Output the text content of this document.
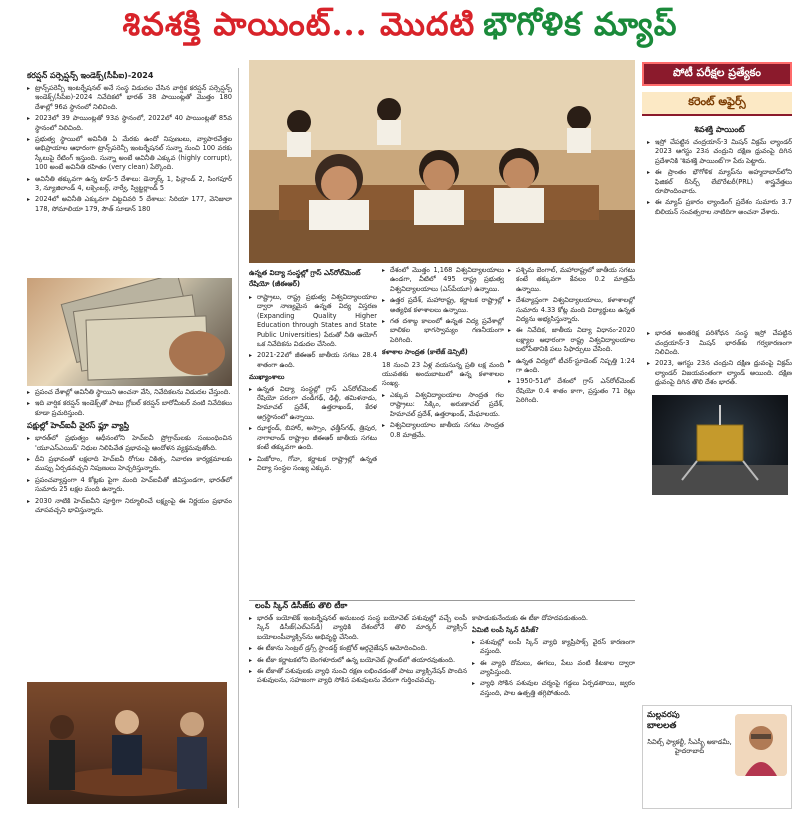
శివశక్తి పాయింట్... మొదటి భౌగోళిక మ్యాప్
కరప్షన్ పర్సెప్షన్స్ ఇండెక్స్(సీపీఐ)-2024
▸ ట్రాన్స్‌పరెన్సీ ఇంటర్నేషనల్ అనే సంస్థ విడుదల చేసిన వార్షిక కరప్షన్ పర్సెప్షన్స్ ఇండెక్స్(సీపీఐ)-2024 నివేదికలో భారత్ 38 పాయింట్లతో మొత్తం 180 దేశాల్లో 96వ స్థానంలో నిలిచింది.
▸ 2023లో 39 పాయింట్లతో 93వ స్థానంలో, 2022లో 40 పాయింట్లతో 85వ స్థానంలో నిలిచింది.
▸ ప్రభుత్వ స్థాయిలో అవినీతి ఏ మేరకు ఉందో నిపుణులు, వ్యాపారవేత్తల అభిప్రాయాల ఆధారంగా ట్రాన్స్‌పరెన్సీ ఇంటర్నేషనల్ సున్నా నుంచి 100 వరకు స్కేలుపై రేటింగ్ ఇస్తుంది. సున్నా అంటే అవినీతి ఎక్కువ (highly corrupt), 100 అంటే అవినీతి రహితం (very clean) పేర్కొంది.
▸ అవినీతి తక్కువగా ఉన్న టాప్-5 దేశాలు: డెన్మార్క్ 1, ఫిన్లాండ్ 2, సింగపూర్ 3, న్యూజిలాండ్ 4, లక్సెంబర్గ్, నార్వే, స్విట్జర్లాండ్ 5
▸ 2024లో అవినీతి ఎక్కువగా చిట్టచివరి 5 దేశాలు: సిరియా 177, వెనిజులా 178, సోమాలియా 179, సౌత్ సూడాన్ 180

▸
▸ ప్రపంచ దేశాల్లో అవినీతి స్థాయిని అంచనా వేసి, నివేదికలను విడుదల చేస్తుంది.
▸ ఇది వార్షిక కరప్షన్ ఇండెక్స్‌తో పాటు గ్లోబల్ కరప్షన్ బారోమీటర్ వంటి నివేదికలు కూడా ప్రచురిస్తుంది.
పక్షుల్లో హెచ్ఐవీ వైరస్ ఫ్లూ వ్యాప్తి
▸ భారత్‌లో ప్రభుత్వం ఆధీనంలోని హెచ్ఐవీ ప్రోగ్రామ్‌లకు సంబంధించిన 'యూఎస్‌ఎయిడ్' నిధుల నిలిపివేత ప్రభావంపై ఆందోళన వ్యక్తమవుతోంది.
▸ దీని ప్రభావంతో లక్షలాది హెచ్ఐవీ రోగుల చికిత్స, నివారణ కార్యక్రమాలకు ముప్పు ఏర్పడవచ్చని నిపుణులు హెచ్చరిస్తున్నారు.
▸ ప్రపంచవ్యాప్తంగా 4 కోట్లకు పైగా మంది హెచ్ఐవీతో జీవిస్తుండగా, భారత్‌లో సుమారు 25 లక్షల మంది ఉన్నారు.
▸ 2030 నాటికి హెచ్ఐవీని పూర్తిగా నిర్మూలించే లక్ష్యంపై ఈ నిర్ణయం ప్రభావం చూపవచ్చని భావిస్తున్నారు.
ఉన్నత విద్యా సంస్థల్లో గ్రాస్ ఎన్‌రోల్‌మెంట్ రేషియో (జీఈఆర్)
▸ రాష్ట్రాలు, రాష్ట్ర ప్రభుత్వ విశ్వవిద్యాలయాల ద్వారా నాణ్యమైన ఉన్నత విద్య విస్తరణ (Expanding Quality Higher Education through States and State Public Universities) పేరుతో నీతి ఆయోగ్ ఒక నివేదికను విడుదల చేసింది.
▸ 2021-22లో జీఈఆర్ జాతీయ సగటు 28.4 శాతంగా ఉంది.

ముఖ్యాంశాలు

▸ ఉన్నత విద్యా సంస్థల్లో గ్రాస్ ఎన్‌రోల్‌మెంట్ రేషియో పరంగా చండీగఢ్, ఢిల్లీ, తమిళనాడు, హిమాచల్ ప్రదేశ్, ఉత్తరాఖండ్, కేరళ అగ్రస్థానంలో ఉన్నాయి.
▸ ఝార్ఖండ్, బిహార్, అస్సాం, ఛత్తీస్‌గఢ్, త్రిపుర, నాగాలాండ్ రాష్ట్రాల జీఈఆర్ జాతీయ సగటు కంటే తక్కువగా ఉంది.
▸ మిజోరాం, గోవా, కర్ణాటక రాష్ట్రాల్లో ఉన్నత విద్యా సంస్థల సంఖ్య ఎక్కువ.
▸ దేశంలో మొత్తం 1,168 విశ్వవిద్యాలయాలు ఉండగా, వీటిలో 495 రాష్ట్ర ప్రభుత్వ విశ్వవిద్యాలయాలు (ఎస్‌పీయూ) ఉన్నాయి.
▸ ఉత్తర ప్రదేశ్, మహారాష్ట్ర, కర్ణాటక రాష్ట్రాల్లో అత్యధిక కళాశాలలు ఉన్నాయి.
▸ గత దశాబ్ద కాలంలో ఉన్నత విద్య ప్రవేశాల్లో బాలికల భాగస్వామ్యం గణనీయంగా పెరిగింది.

కళాశాల సాంద్రత (కాలేజ్ డెన్సిటీ)

18 నుంచి 23 ఏళ్ల వయసున్న ప్రతి లక్ష మంది యువతకు అందుబాటులో ఉన్న కళాశాలల సంఖ్య.

▸ ఎక్కువ విశ్వవిద్యాలయాల సాంద్రత గల రాష్ట్రాలు: సిక్కిం, అరుణాచల్ ప్రదేశ్, హిమాచల్ ప్రదేశ్, ఉత్తరాఖండ్, మేఘాలయ.
▸ విశ్వవిద్యాలయాల జాతీయ సగటు సాంద్రత 0.8 మాత్రమే.
▸ పశ్చిమ బెంగాల్, మహారాష్ట్రలో జాతీయ సగటు కంటే తక్కువగా కేవలం 0.2 మాత్రమే ఉన్నాయి.
▸ దేశవ్యాప్తంగా విశ్వవిద్యాలయాలు, కళాశాలల్లో సుమారు 4.33 కోట్ల మంది విద్యార్థులు ఉన్నత విద్యను అభ్యసిస్తున్నారు.
▸ ఈ నివేదిక, జాతీయ విద్యా విధానం-2020 లక్ష్యాల ఆధారంగా రాష్ట్ర విశ్వవిద్యాలయాల బలోపేతానికి పలు సిఫార్సులు చేసింది.
▸ ఉన్నత విద్యలో టీచర్-స్టూడెంట్ నిష్పత్తి 1:24 గా ఉంది.
▸ 1950-51లో దేశంలో గ్రాస్ ఎన్‌రోల్‌మెంట్ రేషియో 0.4 శాతం కాగా, ప్రస్తుతం 71 రెట్లు పెరిగింది.
లంపీ స్కిన్ డిసీజ్‌కు తొలి టీకా
▸ భారత్ బయోటెక్ ఇంటర్నేషనల్ అనుబంధ సంస్థ బయోవెట్ పశువుల్లో వచ్చే లంపీ స్కిన్ డిసీజ్(ఎల్ఎస్‌డీ) వ్యాధికి దేశంలోనే తొలి మార్కర్ వ్యాక్సిన్ బయోలంపీవ్యాక్సిన్‌ను అభివృద్ధి చేసింది.
▸ ఈ టీకాను సెంట్రల్ డ్రగ్స్ స్టాండర్డ్ కంట్రోల్ ఆర్గనైజేషన్ ఆమోదించింది.
▸ ఈ టీకా కర్ణాటకలోని బెంగళూరులో ఉన్న బయోవెట్ ప్లాంట్‌లో తయారవుతుంది.
▸ ఈ టీకాతో పశువులకు వ్యాధి నుంచి రక్షణ లభించడంతో పాటు వ్యాక్సినేషన్ పొందిన పశువులను, సహజంగా వ్యాధి సోకిన పశువులను వేరుగా గుర్తించవచ్చు.

కాపాడుకునేందుకు ఈ టీకా దోహదపడుతుంది.

ఏమిటి లంపీ స్కిన్ డిసీజ్?

▸ పశువుల్లో లంపీ స్కిన్ వ్యాధి క్యాప్రిపాక్స్ వైరస్ కారణంగా వస్తుంది.
▸ ఈ వ్యాధి దోమలు, ఈగలు, పేలు వంటి కీటకాల ద్వారా వ్యాపిస్తుంది.
▸ వ్యాధి సోకిన పశువుల చర్మంపై గడ్డలు ఏర్పడతాయి, జ్వరం వస్తుంది, పాల ఉత్పత్తి తగ్గిపోతుంది.
పోటీ పరీక్షల ప్రత్యేకం
కరెంట్ అఫైర్స్
శివశక్తి పాయింట్
▸ ఇస్రో చేపట్టిన చంద్రయాన్-3 మిషన్ విక్రమ్ ల్యాండర్ 2023 ఆగస్టు 23న చంద్రుని దక్షిణ ధ్రువంపై దిగిన ప్రదేశానికి 'శివశక్తి పాయింట్'గా పేరు పెట్టారు.
▸ ఈ ప్రాంతం భౌగోళిక మ్యాప్‌ను అహ్మదాబాద్‌లోని ఫిజికల్ రీసెర్చ్ లేబొరేటరీ(PRL) శాస్త్రవేత్తలు రూపొందించారు.
▸ ఈ మ్యాప్ ప్రకారం ల్యాండింగ్ ప్రదేశం సుమారు 3.7 బిలియన్ సంవత్సరాల నాటిదిగా అంచనా వేశారు.
▸ భారత అంతరిక్ష పరిశోధన సంస్థ ఇస్రో చేపట్టిన చంద్రయాన్-3 మిషన్ భారత్‌కు గర్వకారణంగా నిలిచింది.
▸ 2023, ఆగస్టు 23న చంద్రుని దక్షిణ ధ్రువంపై విక్రమ్ ల్యాండర్ విజయవంతంగా ల్యాండ్ అయింది. దక్షిణ ధ్రువంపై దిగిన తొలి దేశం భారత్.
మల్లవరపు
బాలలత
సివిల్స్ ఫ్యాకల్టీ, సీఎస్బీ అకాడమీ, హైదరాబాద్
